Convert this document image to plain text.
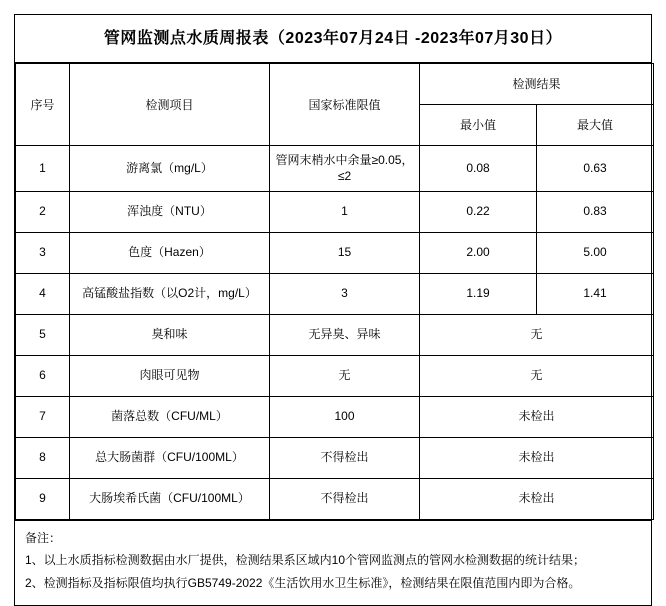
管网监测点水质周报表（2023年07月24日 -2023年07月30日）
序号	检测项目	国家标准限值	检测结果	
			最小值	最大值
1	游离氯（mg/L）	管网末梢水中余量≥0.05，≤2	0.08	0.63
2	浑浊度（NTU）	1	0.22	0.83
3	色度（Hazen）	15	2.00	5.00
4	高锰酸盐指数（以O2计，mg/L）	3	1.19	1.41
5	臭和味	无异臭、异味	无	
6	肉眼可见物	无	无	
7	菌落总数（CFU/ML）	100	未检出	
8	总大肠菌群（CFU/100ML）	不得检出	未检出	
9	大肠埃希氏菌（CFU/100ML）	不得检出	未检出	
备注：
1、以上水质指标检测数据由水厂提供，检测结果系区域内10个管网监测点的管网水检测数据的统计结果；
2、检测指标及指标限值均执行GB5749-2022《生活饮用水卫生标准》，检测结果在限值范围内即为合格。
